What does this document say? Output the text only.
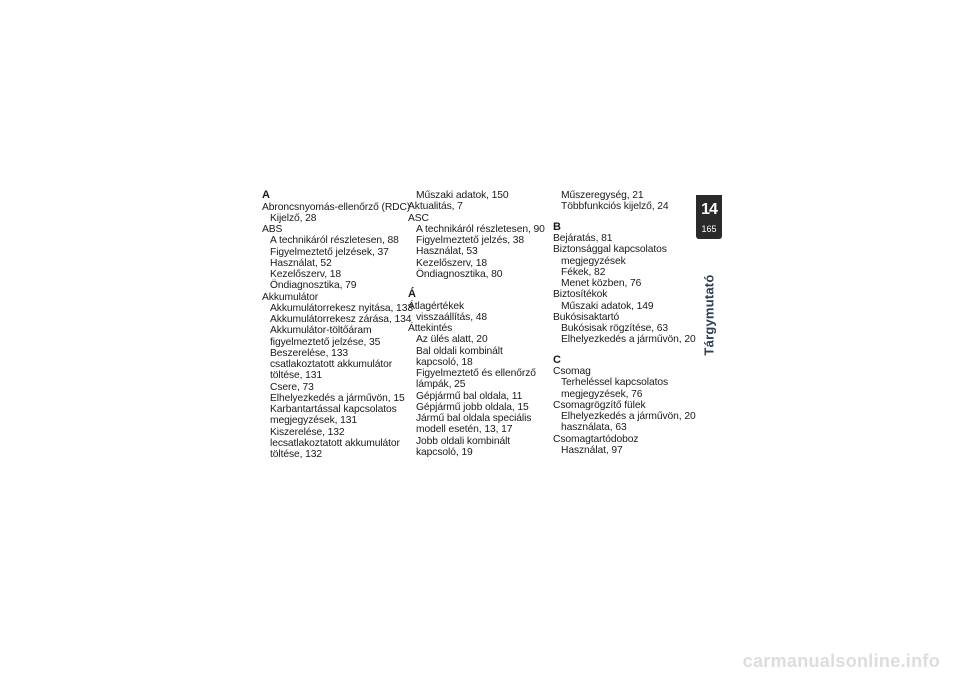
A
Abroncsnyomás-ellenőrző (RDC)
Kijelző, 28
ABS
A technikáról részletesen, 88
Figyelmeztető jelzések, 37
Használat, 52
Kezelőszerv, 18
Öndiagnosztika, 79
Akkumulátor
Akkumulátorrekesz nyitása, 133
Akkumulátorrekesz zárása, 134
Akkumulátor-töltőáram
figyelmeztető jelzése, 35
Beszerelése, 133
csatlakoztatott akkumulátor
töltése, 131
Csere, 73
Elhelyezkedés a járművön, 15
Karbantartással kapcsolatos
megjegyzések, 131
Kiszerelése, 132
lecsatlakoztatott akkumulátor
töltése, 132
Műszaki adatok, 150
Aktualitás, 7
ASC
A technikáról részletesen, 90
Figyelmeztető jelzés, 38
Használat, 53
Kezelőszerv, 18
Öndiagnosztika, 80
Á
Átlagértékek
visszaállítás, 48
Áttekintés
Az ülés alatt, 20
Bal oldali kombinált
kapcsoló, 18
Figyelmeztető és ellenőrző
lámpák, 25
Gépjármű bal oldala, 11
Gépjármű jobb oldala, 15
Jármű bal oldala speciális
modell esetén, 13, 17
Jobb oldali kombinált
kapcsoló, 19
Műszeregység, 21
Többfunkciós kijelző, 24
B
Bejáratás, 81
Biztonsággal kapcsolatos
megjegyzések
Fékek, 82
Menet közben, 76
Biztosítékok
Műszaki adatok, 149
Bukósisaktartó
Bukósisak rögzítése, 63
Elhelyezkedés a járművön, 20
C
Csomag
Terheléssel kapcsolatos
megjegyzések, 76
Csomagrögzítő fülek
Elhelyezkedés a járművön, 20
használata, 63
Csomagtartódoboz
Használat, 97
14
165
Tárgymutató
carmanualsonline.info
